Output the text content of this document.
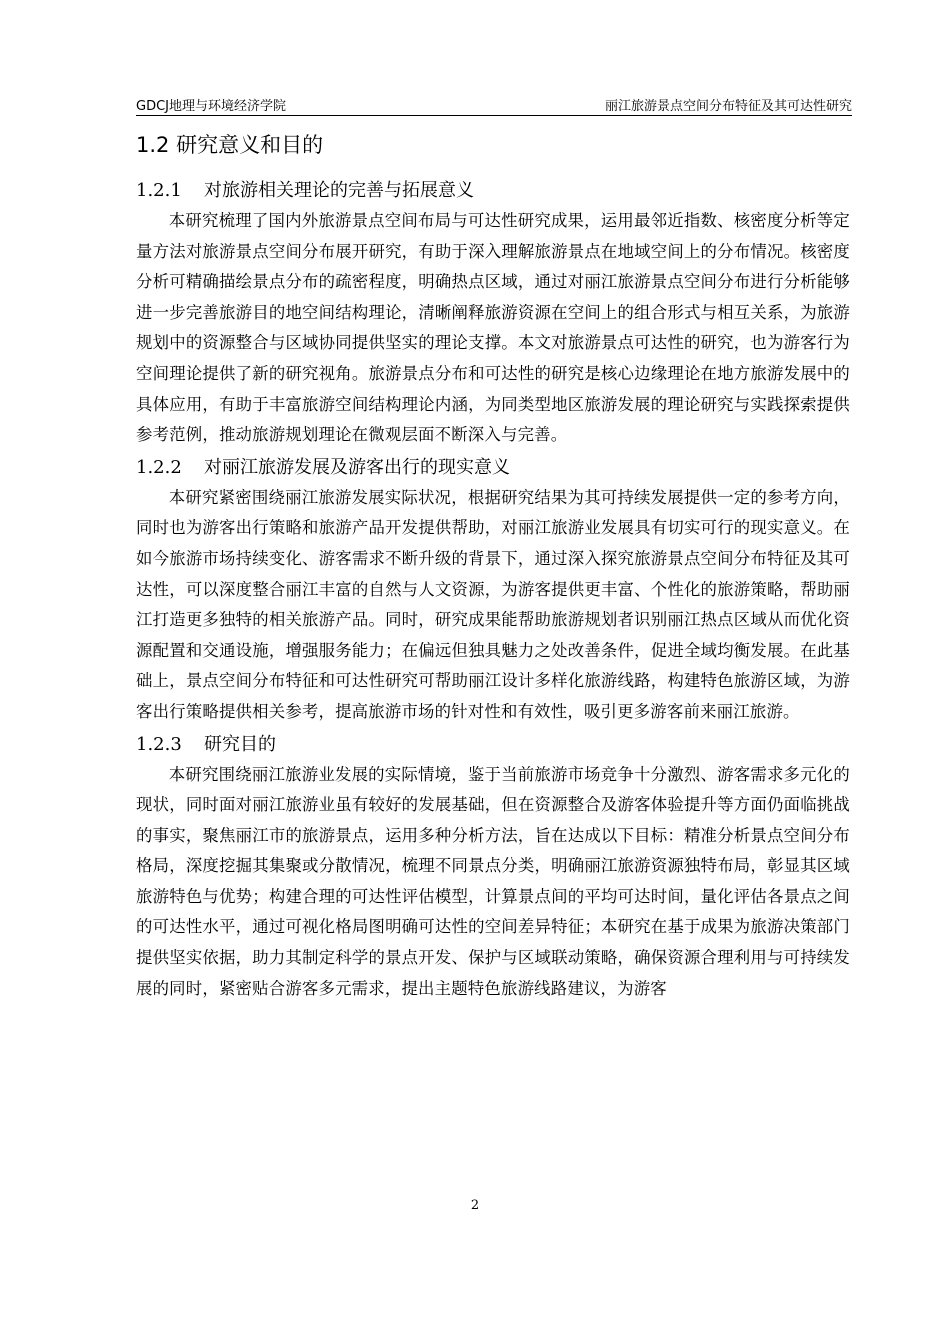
GDCJ地理与环境经济学院	丽江旅游景点空间分布特征及其可达性研究
1.2 研究意义和目的
1.2.1 对旅游相关理论的完善与拓展意义

本研究梳理了国内外旅游景点空间布局与可达性研究成果，运用最邻近指数、核密度分析等定量方法对旅游景点空间分布展开研究，有助于深入理解旅游景点在地域空间上的分布情况。核密度分析可精确描绘景点分布的疏密程度，明确热点区域，通过对丽江旅游景点空间分布进行分析能够进一步完善旅游目的地空间结构理论，清晰阐释旅游资源在空间上的组合形式与相互关系，为旅游规划中的资源整合与区域协同提供坚实的理论支撑。本文对旅游景点可达性的研究，也为游客行为空间理论提供了新的研究视角。旅游景点分布和可达性的研究是核心边缘理论在地方旅游发展中的具体应用，有助于丰富旅游空间结构理论内涵，为同类型地区旅游发展的理论研究与实践探索提供参考范例，推动旅游规划理论在微观层面不断深入与完善。

1.2.2 对丽江旅游发展及游客出行的现实意义

本研究紧密围绕丽江旅游发展实际状况，根据研究结果为其可持续发展提供一定的参考方向，同时也为游客出行策略和旅游产品开发提供帮助，对丽江旅游业发展具有切实可行的现实意义。在如今旅游市场持续变化、游客需求不断升级的背景下，通过深入探究旅游景点空间分布特征及其可达性，可以深度整合丽江丰富的自然与人文资源，为游客提供更丰富、个性化的旅游策略，帮助丽江打造更多独特的相关旅游产品。同时，研究成果能帮助旅游规划者识别丽江热点区域从而优化资源配置和交通设施，增强服务能力；在偏远但独具魅力之处改善条件，促进全域均衡发展。在此基础上，景点空间分布特征和可达性研究可帮助丽江设计多样化旅游线路，构建特色旅游区域，为游客出行策略提供相关参考，提高旅游市场的针对性和有效性，吸引更多游客前来丽江旅游。

1.2.3 研究目的

本研究围绕丽江旅游业发展的实际情境，鉴于当前旅游市场竞争十分激烈、游客需求多元化的现状，同时面对丽江旅游业虽有较好的发展基础，但在资源整合及游客体验提升等方面仍面临挑战的事实，聚焦丽江市的旅游景点，运用多种分析方法，旨在达成以下目标：精准分析景点空间分布格局，深度挖掘其集聚或分散情况，梳理不同景点分类，明确丽江旅游资源独特布局，彰显其区域旅游特色与优势；构建合理的可达性评估模型，计算景点间的平均可达时间，量化评估各景点之间的可达性水平，通过可视化格局图明确可达性的空间差异特征；本研究在基于成果为旅游决策部门提供坚实依据，助力其制定科学的景点开发、保护与区域联动策略，确保资源合理利用与可持续发展的同时，紧密贴合游客多元需求，提出主题特色旅游线路建议，为游客

2
